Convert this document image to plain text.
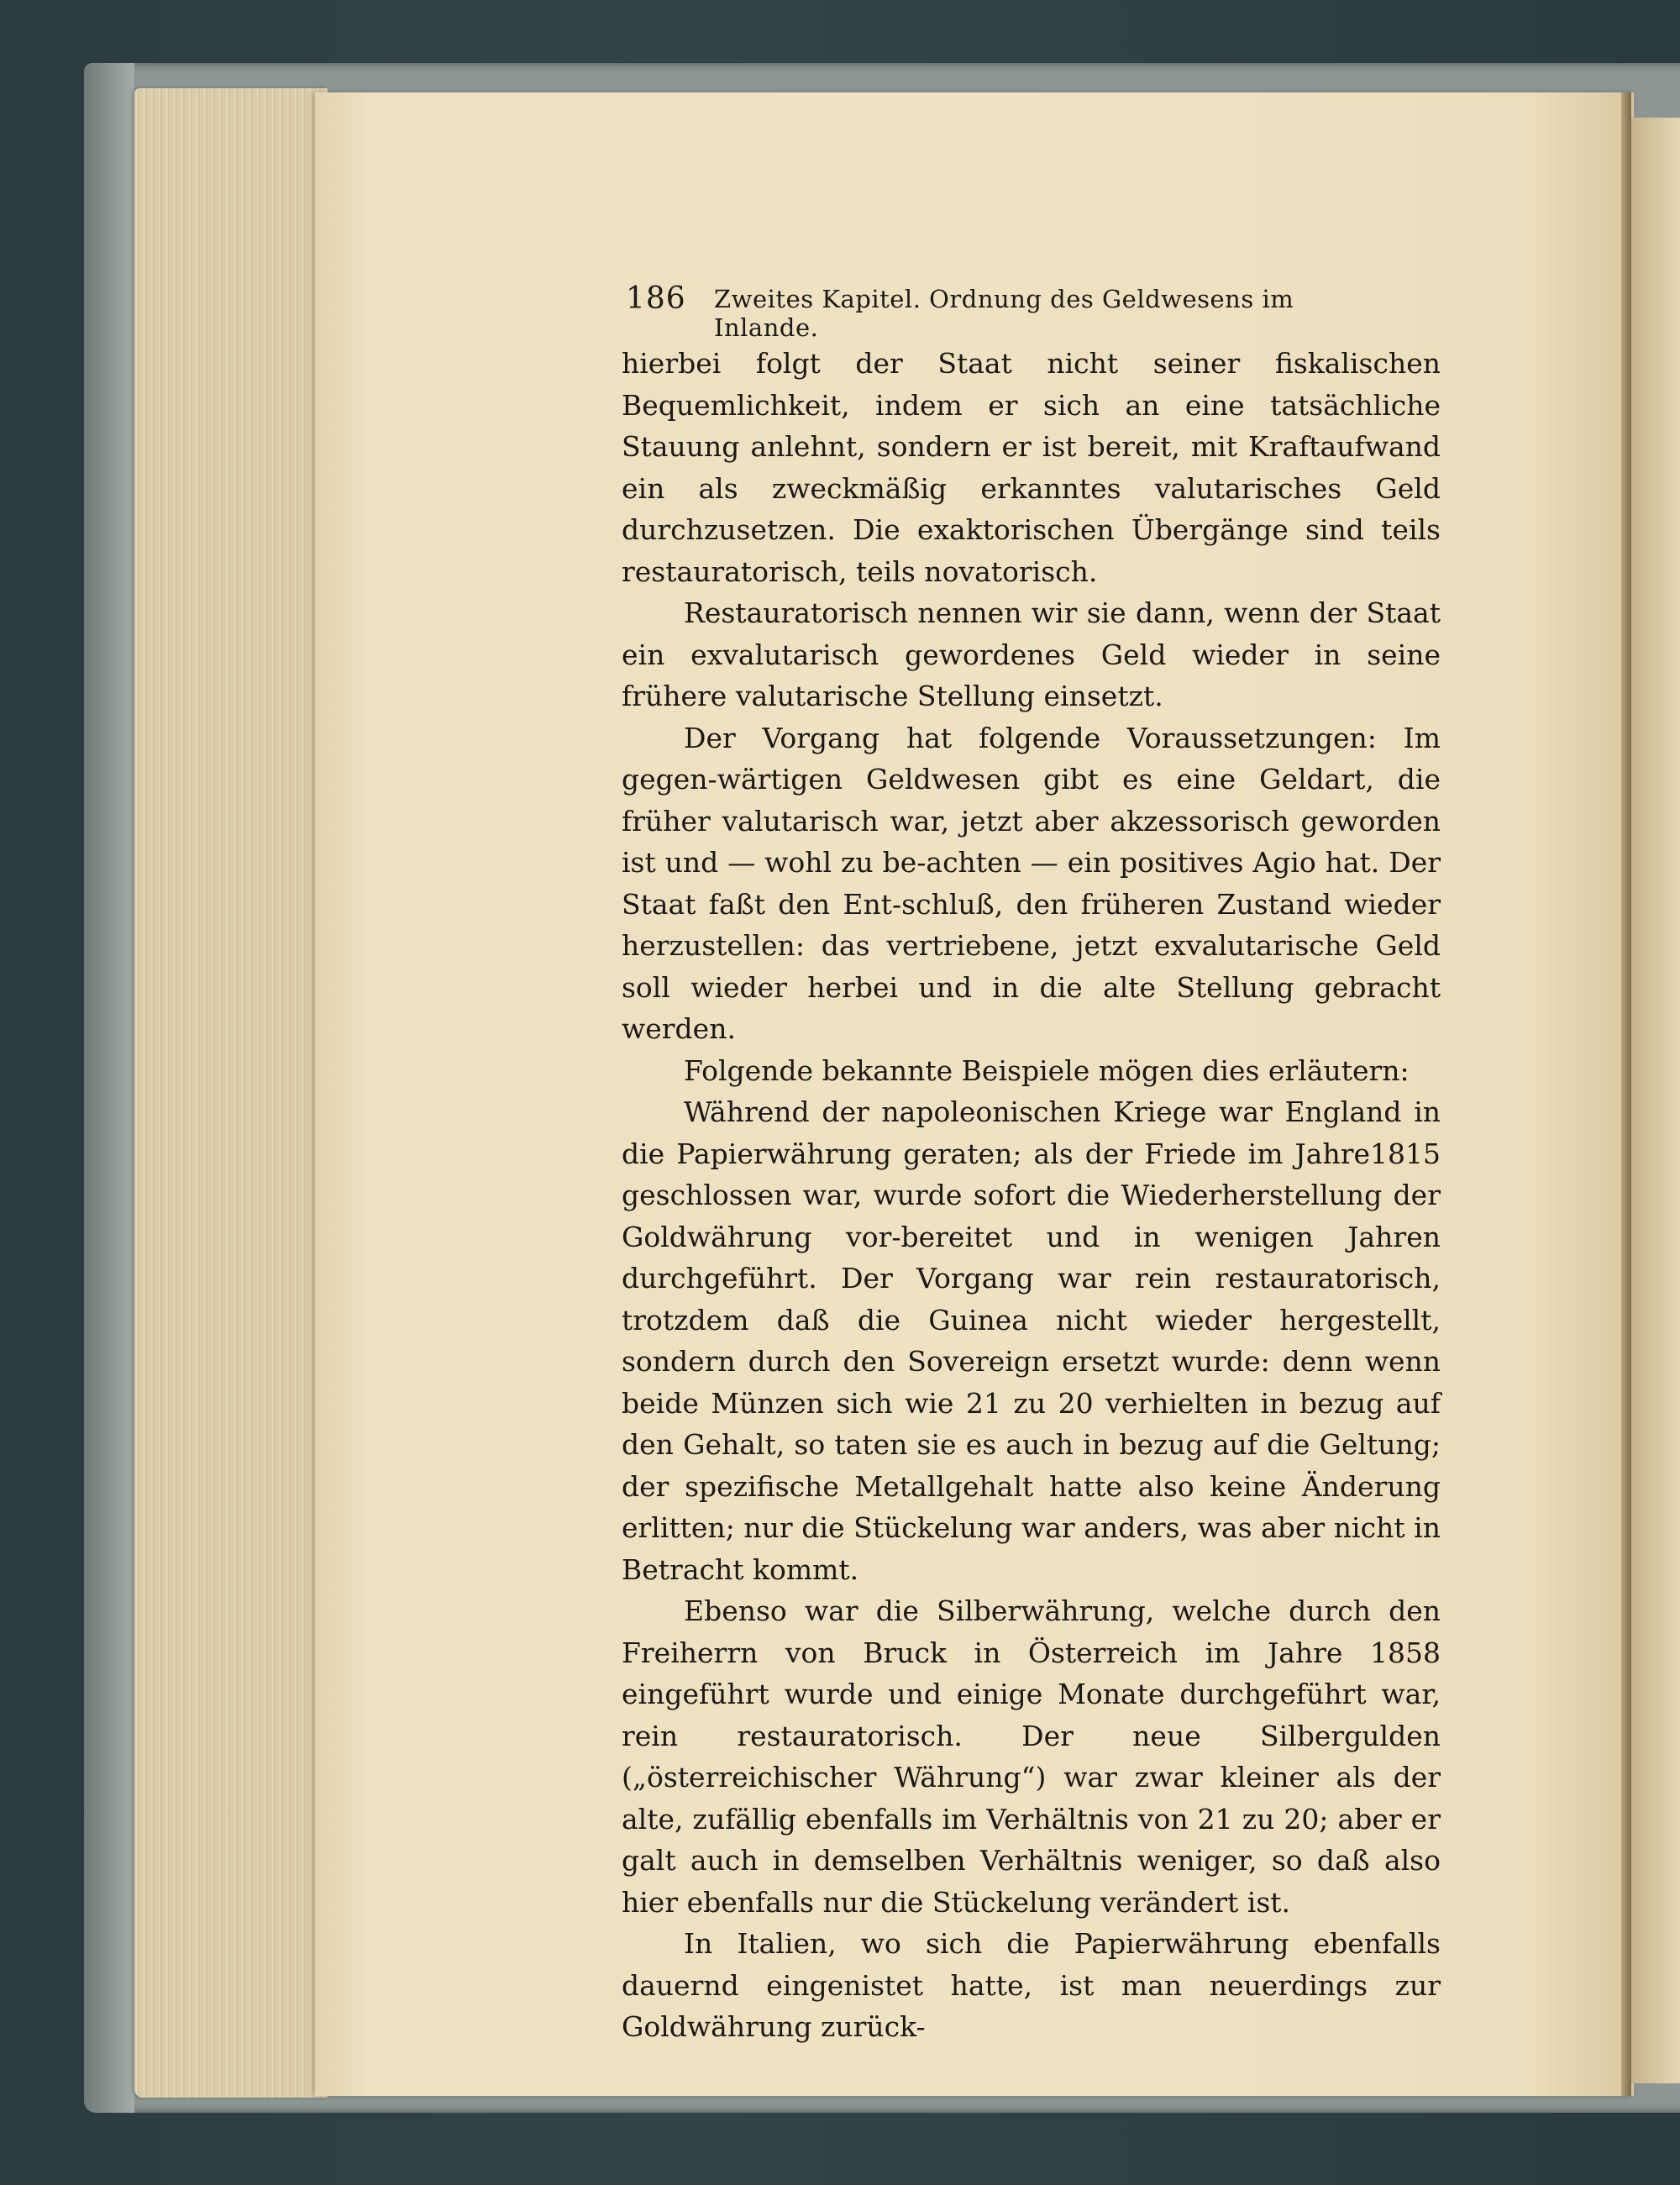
186 Zweites Kapitel. Ordnung des Geldwesens im Inlande.

hierbei folgt der Staat nicht seiner fiskalischen Bequemlichkeit, indem er sich an eine tatsächliche Stauung anlehnt, sondern er ist bereit, mit Kraftaufwand ein als zweckmäßig erkanntes valutarisches Geld durchzusetzen. Die exaktorischen Übergänge sind teils restauratorisch, teils novatorisch.

Restauratorisch nennen wir sie dann, wenn der Staat ein exvalutarisch gewordenes Geld wieder in seine frühere valutarische Stellung einsetzt.

Der Vorgang hat folgende Voraussetzungen: Im gegen-wärtigen Geldwesen gibt es eine Geldart, die früher valutarisch war, jetzt aber akzessorisch geworden ist und — wohl zu be-achten — ein positives Agio hat. Der Staat faßt den Ent-schluß, den früheren Zustand wieder herzustellen: das vertriebene, jetzt exvalutarische Geld soll wieder herbei und in die alte Stellung gebracht werden.

Folgende bekannte Beispiele mögen dies erläutern:

Während der napoleonischen Kriege war England in die Papierwährung geraten; als der Friede im Jahre1815 geschlossen war, wurde sofort die Wiederherstellung der Goldwährung vor-bereitet und in wenigen Jahren durchgeführt. Der Vorgang war rein restauratorisch, trotzdem daß die Guinea nicht wieder hergestellt, sondern durch den Sovereign ersetzt wurde: denn wenn beide Münzen sich wie 21 zu 20 verhielten in bezug auf den Gehalt, so taten sie es auch in bezug auf die Geltung; der spezifische Metallgehalt hatte also keine Änderung erlitten; nur die Stückelung war anders, was aber nicht in Betracht kommt.

Ebenso war die Silberwährung, welche durch den Freiherrn von Bruck in Österreich im Jahre 1858 eingeführt wurde und einige Monate durchgeführt war, rein restauratorisch. Der neue Silbergulden („österreichischer Währung“) war zwar kleiner als der alte, zufällig ebenfalls im Verhältnis von 21 zu 20; aber er galt auch in demselben Verhältnis weniger, so daß also hier ebenfalls nur die Stückelung verändert ist.

In Italien, wo sich die Papierwährung ebenfalls dauernd eingenistet hatte, ist man neuerdings zur Goldwährung zurück-
